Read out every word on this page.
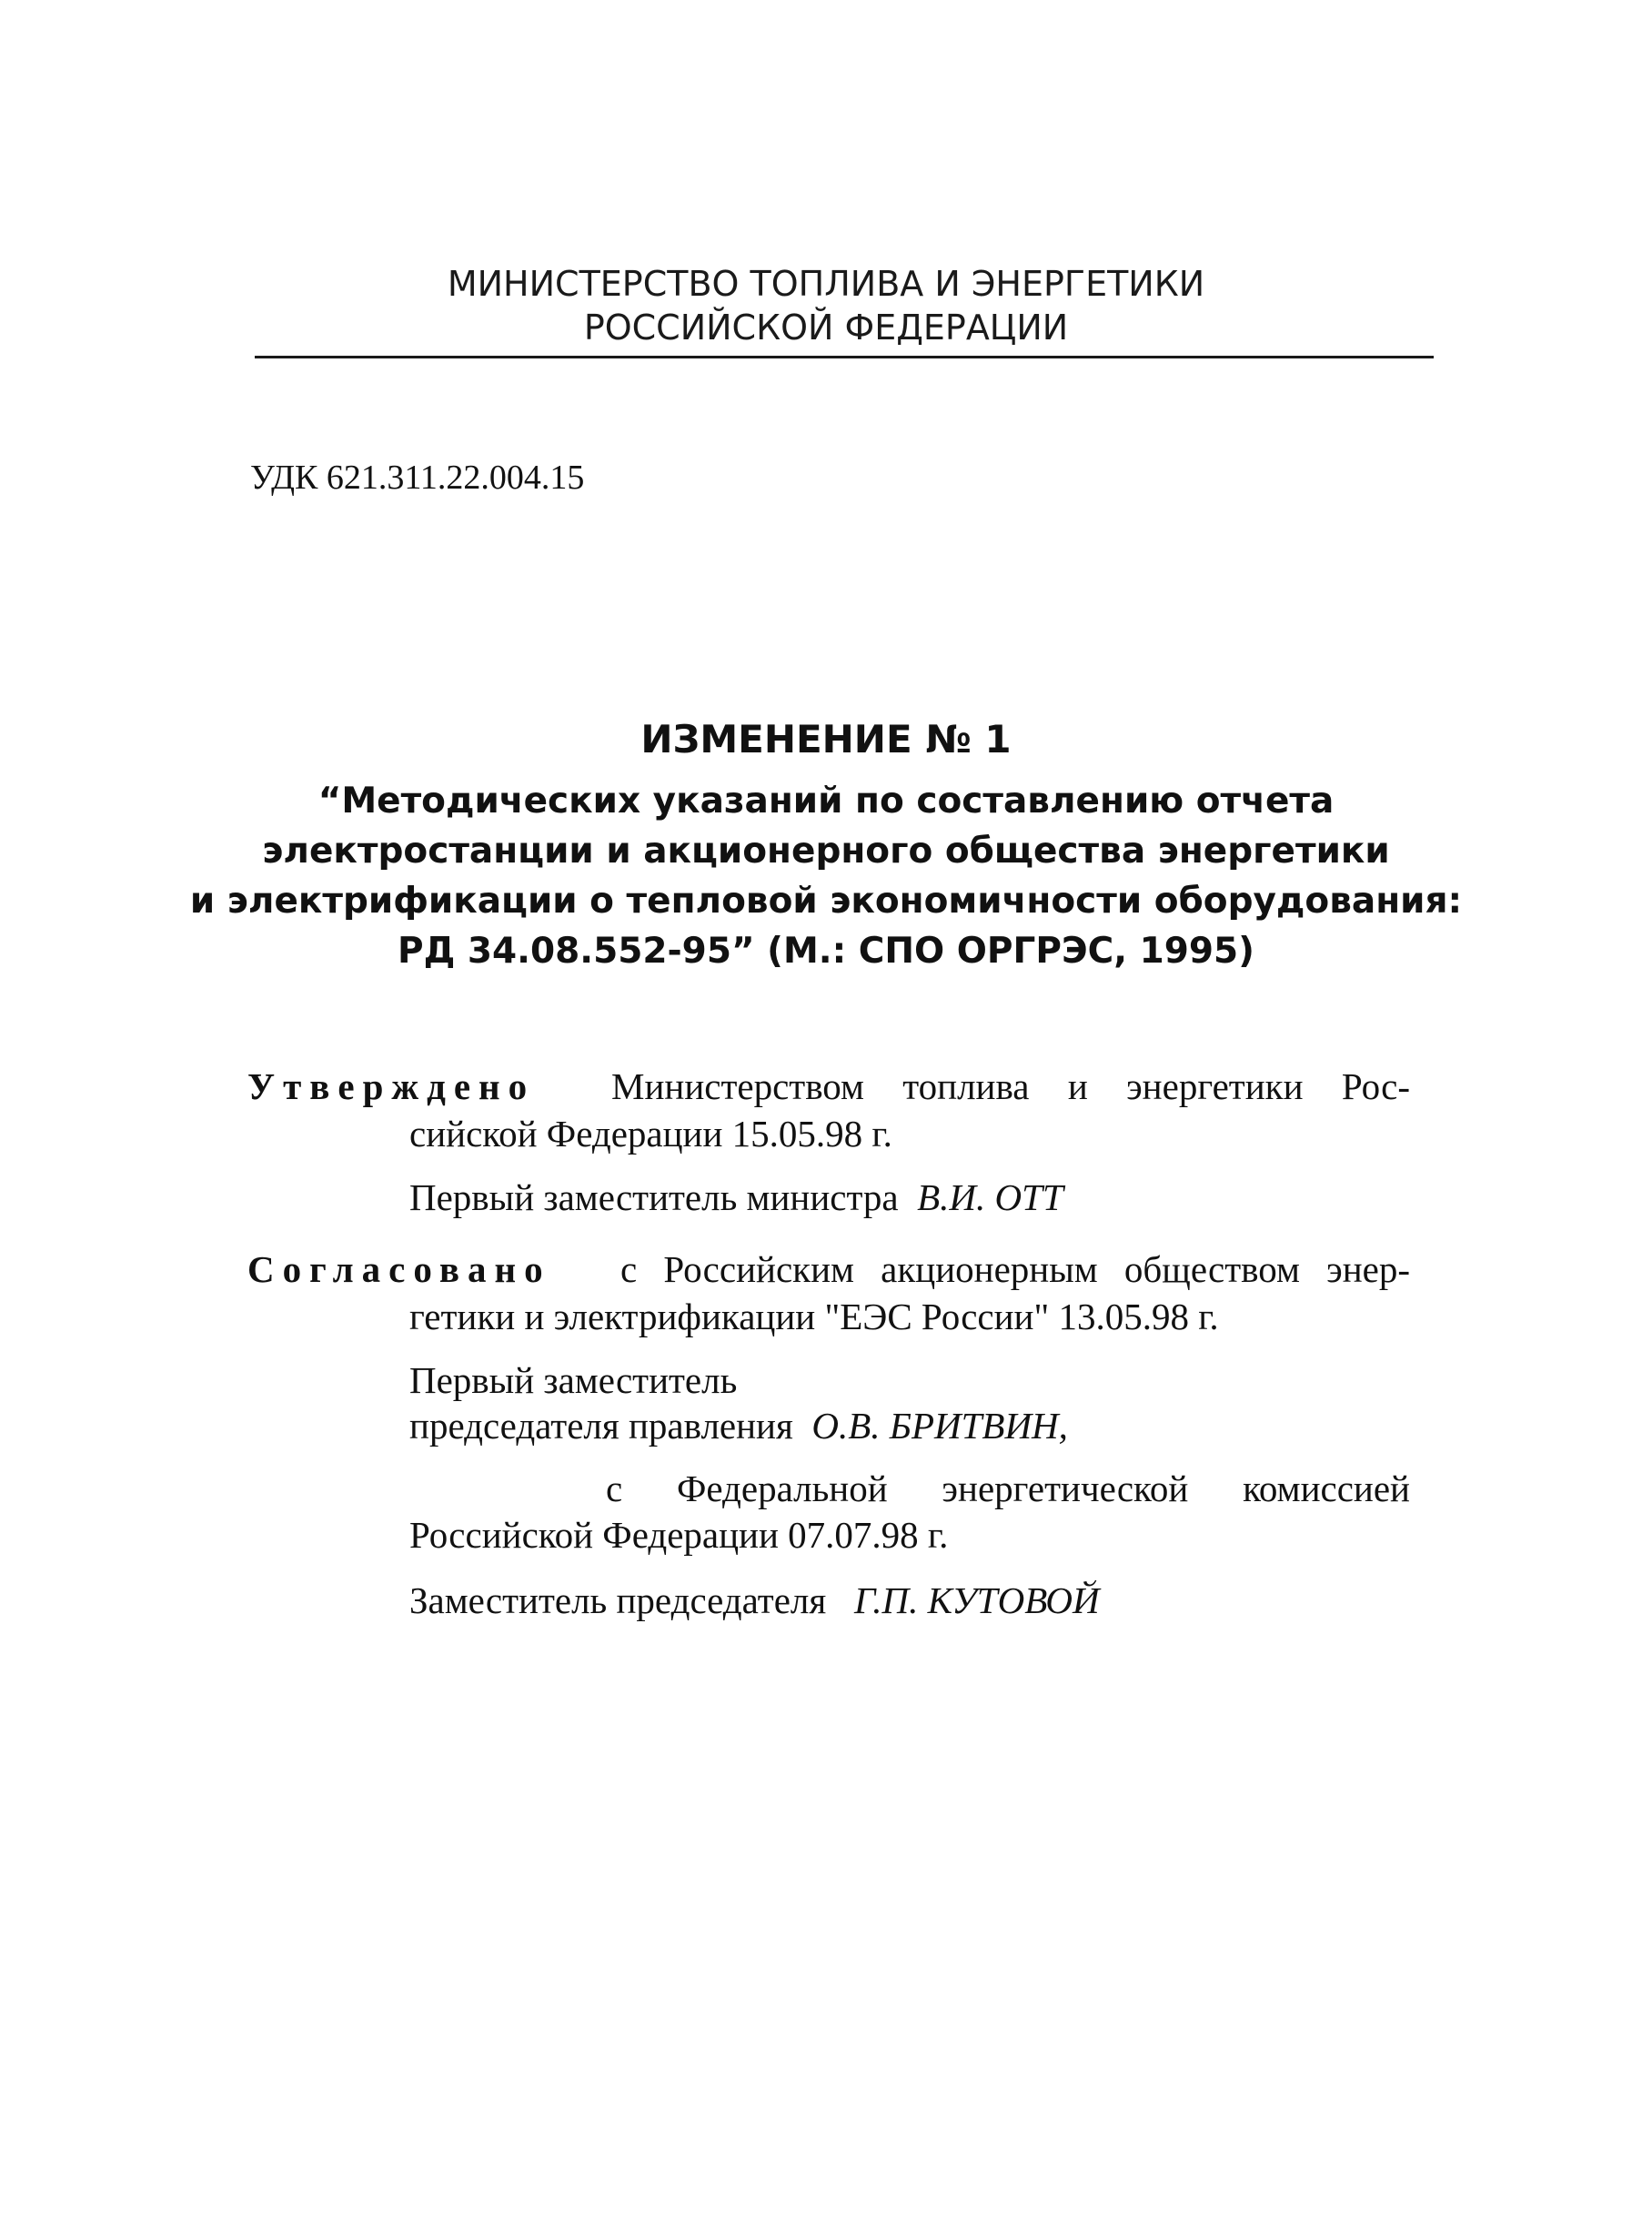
МИНИСТЕРСТВО ТОПЛИВА И ЭНЕРГЕТИКИ
РОССИЙСКОЙ ФЕДЕРАЦИИ
УДК 621.311.22.004.15
ИЗМЕНЕНИЕ № 1
“Методических указаний по составлению отчета
электростанции и акционерного общества энергетики
и электрификации о тепловой экономичности оборудования:
РД 34.08.552-95” (М.: СПО ОРГРЭС, 1995)
Утверждено Министерством топлива и энергетики Рос-
сийской Федерации 15.05.98 г.
Первый заместитель министра В.И. ОТТ
Согласовано с Российским акционерным обществом энер-
гетики и электрификации "ЕЭС России" 13.05.98 г.
Первый заместитель
председателя правления О.В. БРИТВИН,
с Федеральной энергетической комиссией
Российской Федерации 07.07.98 г.
Заместитель председателя Г.П. КУТОВОЙ
